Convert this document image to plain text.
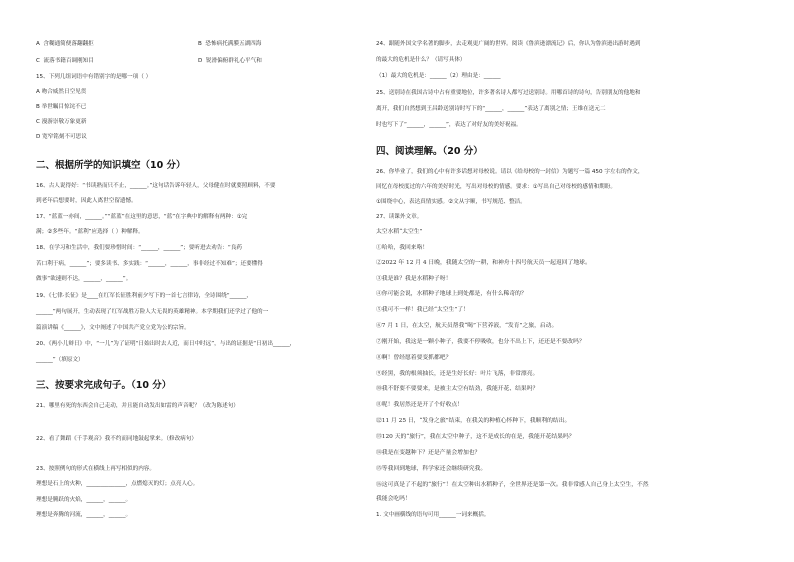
A 含糊通简便落翻翻拒	B 恐怖病托满膜五湖四海
C 流落书籍百调刚知目	D 锐滑偏俯群礼心平气和
15、下列几组词语中有错别字的是哪一项（ ）
A 吻合威然日空见贯
B 举世瞩目惊诧不已
C 漫游崇敬万象更新
D 宽窄铭刻不可思议
二、根据所学的知识填空（10 分）
16、古人说得好：“书读熟而只不止，______。”这句话告诉年轻人，父母健在时就要照顾料，不要
到老年后想要时，因此人离世空留遗憾。
17、“蓝蓝一亦间，______。”“蓝蓝”在这里的意思，“蓝”在字典中的解释有两种：①完
满；②多些年。“蓝利”应选择（ ）种解释。
18、在学习和生活中，我们要珍惜时间：“______，______”；要听进去劝告：“良药
苦口利于病，______”；要多读书、多实践：“______，______，事非经过不知难”；还要懂得
做事“欲速则不达，______，______”。
19、《七律·长征》是____在红军长征胜利前夕写下的一首七言律诗，全诗围绕“______，
______”两句展开，生动表现了红军战胜万险人大无畏的英雄精神。本学期我们还学过了他的一
篇演讲稿《______》，文中阐述了中国共产党立党为公的宗旨。
20、《两小儿辩日》中，“一儿”为了证明“日始出时去人近，而日中时远”，与出的证据是“日初出______，
______”（填原文）
三、按要求完成句子。（10 分）
21、哪里有死的东西会自己走动，并且能自动发出如雷的声音呢？（改为陈述句）
22、看了舞蹈《千手观音》我不约而同地鼓起掌来。（修改病句）
23、按照例句的形式在横线上再写相似的内容。
理想是石上的火种，______________，点燃熄灭的灯；点亮人心。
理想是腾跃的火焰，______，______。
理想是奔腾的河流，______，______。
24、跟随外国文学名著的脚步，去走观更广阔的世界。阅读《鲁滨逊漂流记》后，你认为鲁滨逊出游时遇到
的最大的危机是什么？（请写具体）
（1）最大的危机是：______（2）理由是：______
25、送别诗在我国古诗中占有重要地位，许多著名诗人都写过送别诗。用哪首诗的诗句，告别朋友的他地和
离开，我们自然想到王昌龄送别诗时写下的“______，______”表达了离别之情；王维在送元二
时也写下了“______，______”，表达了对好友的美好祝福。
四、阅读理解。（20 分）
26、你毕业了，我们的心中有许多话想对母校说。请以《给母校的一封信》为题写一篇 450 字左右的作文，
回忆在母校度过的六年的美好时光，写出对母校的情感。要求：①写出自己对母校的感情和期盼。
①围绕中心，表达真情实感。②文从字顺，书写规范、整洁。
27、读课外文章。
太空水稻“太空生”
①哈哈，我回来咯！
②2022 年 12 月 4 日晚，我随太空的一耕，和神舟十四号航天员一起返回了地球。
③我是谁？我是水稻种子呀！
④你可能会说，水稻种子地球上到处都是，有什么稀奇的？
⑤我可不一样！我已经“太空生”了！
⑥7 月 1 日，在太空，航天员帮我“喝”下营养液，“发育”之旅，启动。
⑦刚开始，我这是一颗小种子，我要不停吸收，也分不出上下，还还是不要改吗？
⑧啊！曾经愿着要变抓都吧？
⑨经黑，我的根须抽长，还是生好长好：叶片飞落，非常漂亮。
⑩我不舒要不要要来，是被主太空有结劲，我能开花、结果吗？
⑪呢！我居然还是开了个好收点！
⑫11 月 25 日，“发身之旅”结束，在我关的种植心怀种下，我顺利的结出。
⑬120 天的“旅行”，我在太空中种子，这不是成长的在是，我能开花结果吗？
⑭我是在变越种下？还是产量会增加也？
⑮等我回到地球，科学家还会继续研究我。
⑯这可真是了不起的“旅行”！在太空种出水稻种子，全世界还是第一次。我非常感人自己身上太空生，不然
我能会吃吗！
1. 文中画横线的语句可用______一词来概括。
